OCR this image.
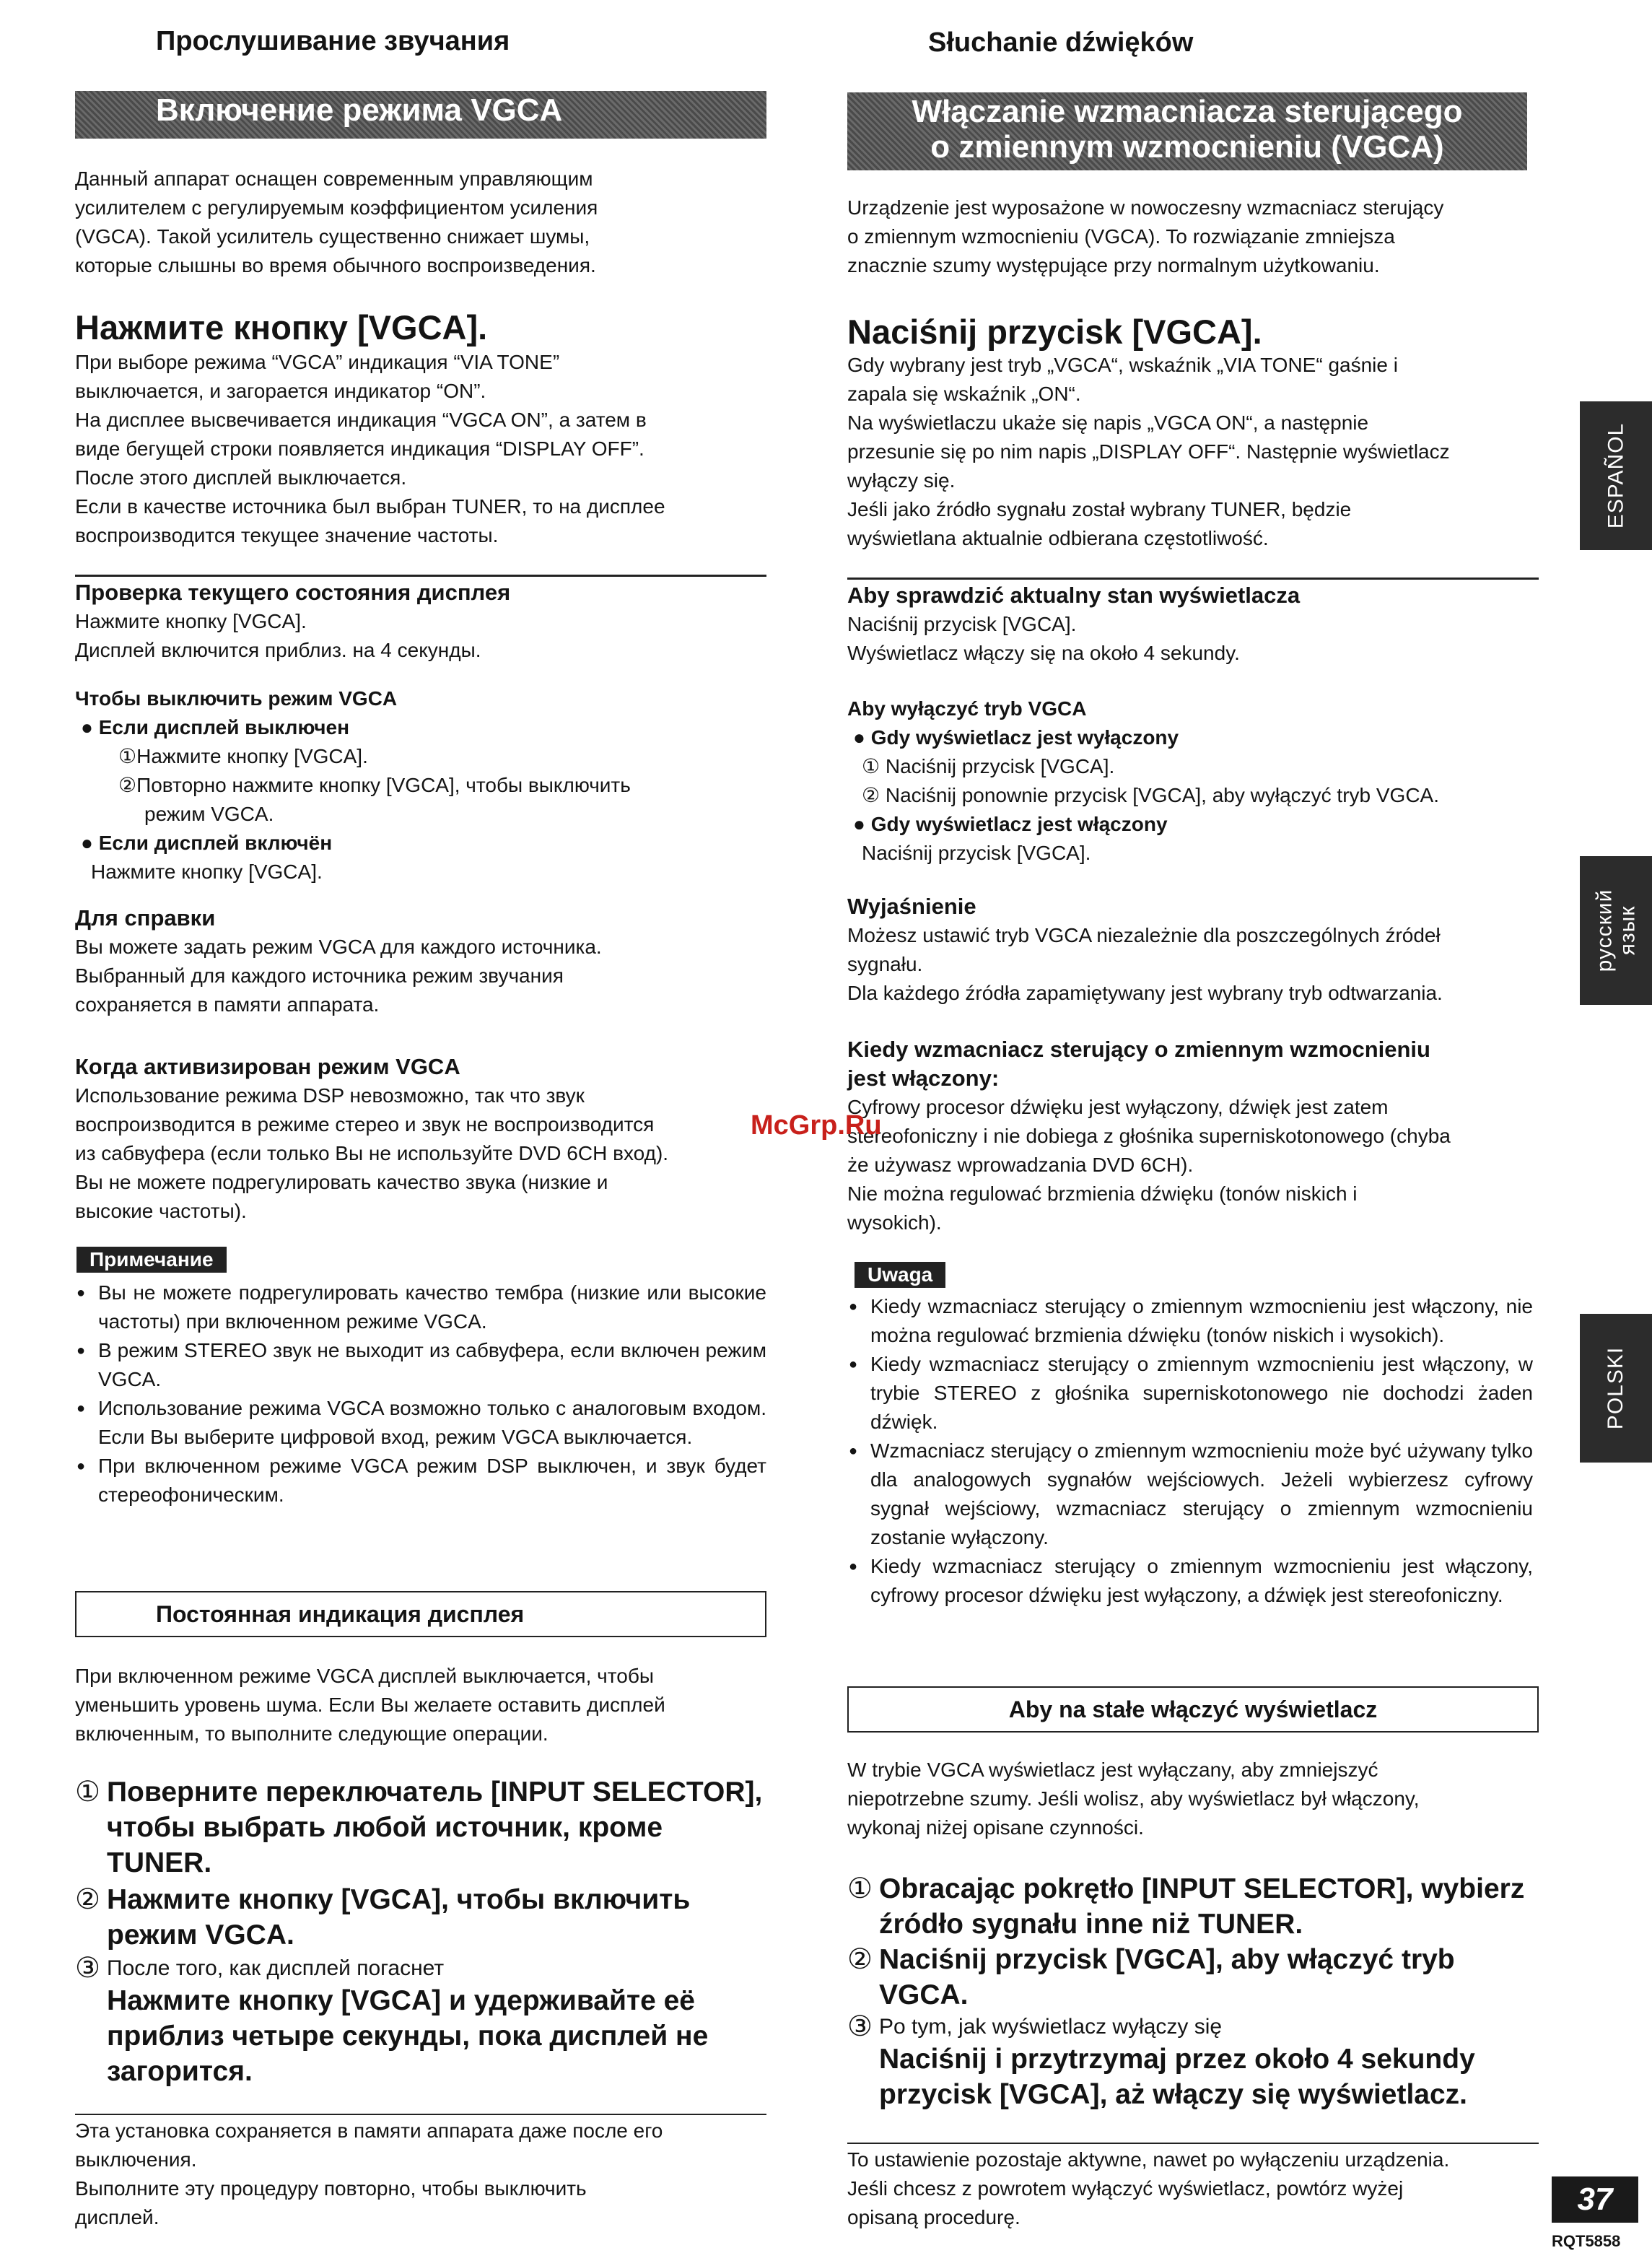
Прослушивание звучания
Включение режима VGCA
Данный аппарат оснащен современным управляющим
усилителем с регулируемым коэффициентом усиления
(VGCA). Такой усилитель существенно снижает шумы,
которые слышны во время обычного воспроизведения.
Нажмите кнопку [VGCA].
При выборе режима “VGCA” индикация “VIA TONE”
выключается, и загорается индикатор “ON”.
На дисплее высвечивается индикация “VGCA ON”, а затем в
виде бегущей строки появляется индикация “DISPLAY OFF”.
После этого дисплей выключается.
Если в качестве источника был выбран TUNER, то на дисплее
воспроизводится текущее значение частоты.
Проверка текущего состояния дисплея
Нажмите кнопку [VGCA].
Дисплей включится приблиз. на 4 секунды.
Чтобы выключить режим VGCA
● Если дисплей выключен
①Нажмите кнопку [VGCA].
②Повторно нажмите кнопку [VGCA], чтобы выключить
режим VGCA.
● Если дисплей включён
Нажмите кнопку [VGCA].
Для справки
Вы можете задать режим VGCA для каждого источника.
Выбранный для каждого источника режим звучания
сохраняется в памяти аппарата.
Когда активизирован режим VGCA
Использование режима DSP невозможно, так что звук
воспроизводится в режиме стерео и звук не воспроизводится
из сабвуфера (если только Вы не используйте DVD 6CH вход).
Вы не можете подрегулировать качество звука (низкие и
высокие частоты).
Примечание
● Вы не можете подрегулировать качество тембра (низкие или высокие частоты) при включенном режиме VGCA.
● В режим STEREO звук не выходит из сабвуфера, если включен режим VGCA.
● Использование режима VGCA возможно только с аналоговым входом. Если Вы выберите цифровой вход, режим VGCA выключается.
● При включенном режиме VGCA режим DSP выключен, и звук будет стереофоническим.
Постоянная индикация дисплея
При включенном режиме VGCA дисплей выключается, чтобы
уменьшить уровень шума. Если Вы желаете оставить дисплей
включенным, то выполните следующие операции.
① Поверните переключатель [INPUT SELECTOR],
чтобы выбрать любой источник, кроме
TUNER.
② Нажмите кнопку [VGCA], чтобы включить
режим VGCA.
③ После того, как дисплей погаснет
Нажмите кнопку [VGCA] и удерживайте её
приблиз четыре секунды, пока дисплей не
загорится.
Эта установка сохраняется в памяти аппарата даже после его
выключения.
Выполните эту процедуру повторно, чтобы выключить
дисплей.
Słuchanie dźwięków
Włączanie wzmacniacza sterującego
o zmiennym wzmocnieniu (VGCA)
Urządzenie jest wyposażone w nowoczesny wzmacniacz sterujący
o zmiennym wzmocnieniu (VGCA). To rozwiązanie zmniejsza
znacznie szumy występujące przy normalnym użytkowaniu.
Naciśnij przycisk [VGCA].
Gdy wybrany jest tryb „VGCA“, wskaźnik „VIA TONE“ gaśnie i
zapala się wskaźnik „ON“.
Na wyświetlaczu ukaże się napis „VGCA ON“, a następnie
przesunie się po nim napis „DISPLAY OFF“. Następnie wyświetlacz
wyłączy się.
Jeśli jako źródło sygnału został wybrany TUNER, będzie
wyświetlana aktualnie odbierana częstotliwość.
Aby sprawdzić aktualny stan wyświetlacza
Naciśnij przycisk [VGCA].
Wyświetlacz włączy się na około 4 sekundy.
Aby wyłączyć tryb VGCA
● Gdy wyświetlacz jest wyłączony
① Naciśnij przycisk [VGCA].
② Naciśnij ponownie przycisk [VGCA], aby wyłączyć tryb VGCA.
● Gdy wyświetlacz jest włączony
Naciśnij przycisk [VGCA].
Wyjaśnienie
Możesz ustawić tryb VGCA niezależnie dla poszczególnych źródeł
sygnału.
Dla każdego źródła zapamiętywany jest wybrany tryb odtwarzania.
Kiedy wzmacniacz sterujący o zmiennym wzmocnieniu
jest włączony:
Cyfrowy procesor dźwięku jest wyłączony, dźwięk jest zatem
stereofoniczny i nie dobiega z głośnika superniskotonowego (chyba
że używasz wprowadzania DVD 6CH).
Nie można regulować brzmienia dźwięku (tonów niskich i
wysokich).
Uwaga
● Kiedy wzmacniacz sterujący o zmiennym wzmocnieniu jest włączony, nie można regulować brzmienia dźwięku (tonów niskich i wysokich).
● Kiedy wzmacniacz sterujący o zmiennym wzmocnieniu jest włączony, w trybie STEREO z głośnika superniskotonowego nie dochodzi żaden dźwięk.
● Wzmacniacz sterujący o zmiennym wzmocnieniu może być używany tylko dla analogowych sygnałów wejściowych. Jeżeli wybierzesz cyfrowy sygnał wejściowy, wzmacniacz sterujący o zmiennym wzmocnieniu zostanie wyłączony.
● Kiedy wzmacniacz sterujący o zmiennym wzmocnieniu jest włączony, cyfrowy procesor dźwięku jest wyłączony, a dźwięk jest stereofoniczny.
Aby na stałe włączyć wyświetlacz
W trybie VGCA wyświetlacz jest wyłączany, aby zmniejszyć
niepotrzebne szumy. Jeśli wolisz, aby wyświetlacz był włączony,
wykonaj niżej opisane czynności.
① Obracając pokrętło [INPUT SELECTOR], wybierz
źródło sygnału inne niż TUNER.
② Naciśnij przycisk [VGCA], aby włączyć tryb
VGCA.
③ Po tym, jak wyświetlacz wyłączy się
Naciśnij i przytrzymaj przez około 4 sekundy
przycisk [VGCA], aż włączy się wyświetlacz.
To ustawienie pozostaje aktywne, nawet po wyłączeniu urządzenia.
Jeśli chcesz z powrotem wyłączyć wyświetlacz, powtórz wyżej
opisaną procedurę.
ESPAÑOL
русский
язык
POLSKI
McGrp.Ru
37
RQT5858
